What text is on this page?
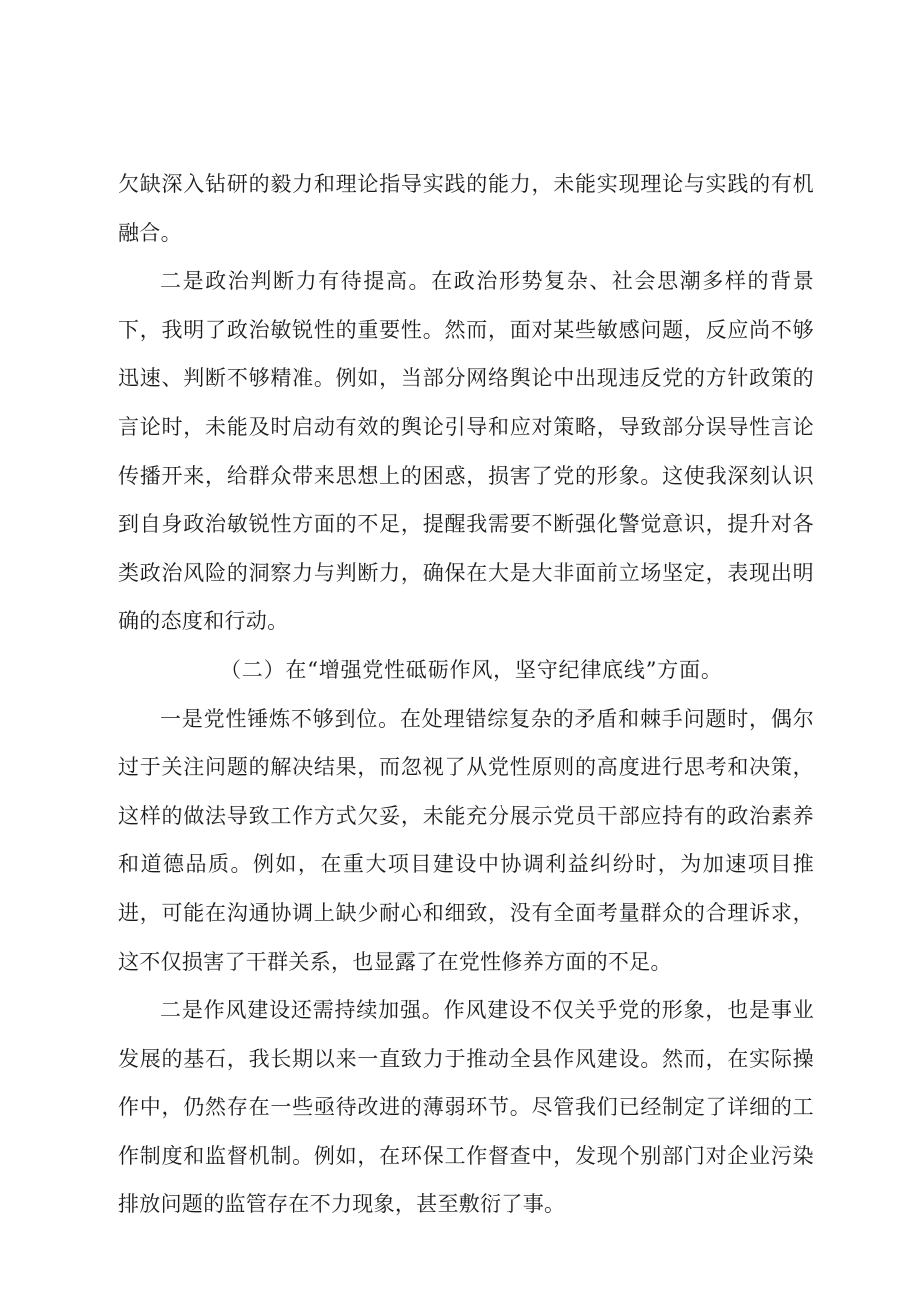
欠缺深入钻研的毅力和理论指导实践的能力，未能实现理论与实践的有机融合。

二是政治判断力有待提高。在政治形势复杂、社会思潮多样的背景下，我明了政治敏锐性的重要性。然而，面对某些敏感问题，反应尚不够迅速、判断不够精准。例如，当部分网络舆论中出现违反党的方针政策的言论时，未能及时启动有效的舆论引导和应对策略，导致部分误导性言论传播开来，给群众带来思想上的困惑，损害了党的形象。这使我深刻认识到自身政治敏锐性方面的不足，提醒我需要不断强化警觉意识，提升对各类政治风险的洞察力与判断力，确保在大是大非面前立场坚定，表现出明确的态度和行动。

（二）在“增强党性砥砺作风，坚守纪律底线”方面。

一是党性锤炼不够到位。在处理错综复杂的矛盾和棘手问题时，偶尔过于关注问题的解决结果，而忽视了从党性原则的高度进行思考和决策，这样的做法导致工作方式欠妥，未能充分展示党员干部应持有的政治素养和道德品质。例如，在重大项目建设中协调利益纠纷时，为加速项目推进，可能在沟通协调上缺少耐心和细致，没有全面考量群众的合理诉求，这不仅损害了干群关系，也显露了在党性修养方面的不足。

二是作风建设还需持续加强。作风建设不仅关乎党的形象，也是事业发展的基石，我长期以来一直致力于推动全县作风建设。然而，在实际操作中，仍然存在一些亟待改进的薄弱环节。尽管我们已经制定了详细的工作制度和监督机制。例如，在环保工作督查中，发现个别部门对企业污染排放问题的监管存在不力现象，甚至敷衍了事。
